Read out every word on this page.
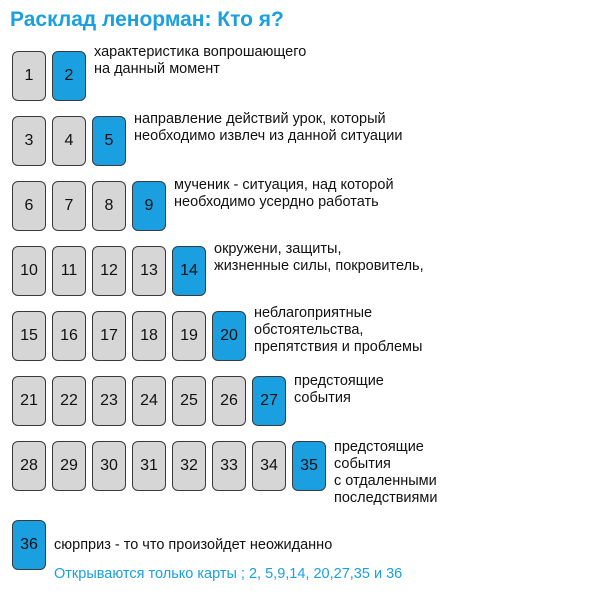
Расклад ленорман: Кто я?
1	2
характеристика вопрошающего
на данный момент
3	4	5
направление действий урок, который
необходимо извлеч из данной ситуации
6	7	8	9
мученик - ситуация, над которой
необходимо усердно работать
10	11	12	13	14
окружени, защиты,
жизненные силы, покровитель,
15	16	17	18	19	20
неблагоприятные
обстоятельства,
препятствия и проблемы
21	22	23	24	25	26	27
предстоящие
события
28	29	30	31	32	33	34	35
предстоящие
события
с отдаленными
последствиями
36	сюрприз - то что произойдет неожиданно
Открываются только карты ; 2, 5,9,14, 20,27,35 и 36
